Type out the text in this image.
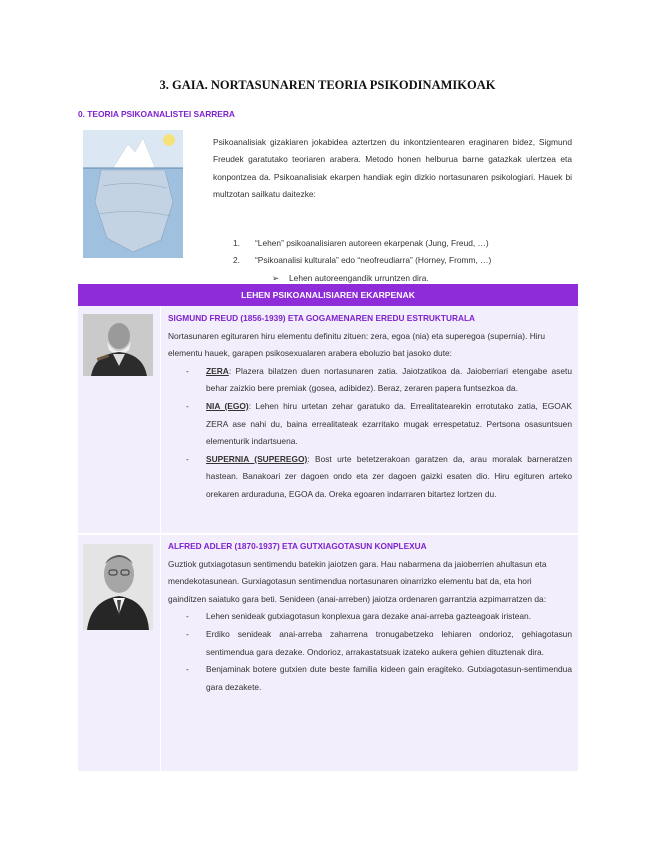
3. GAIA. NORTASUNAREN TEORIA PSIKODINAMIKOAK
0. TEORIA PSIKOANALISTEI SARRERA

Psikoanalisiak gizakiaren jokabidea aztertzen du inkontzientearen eraginaren bidez, Sigmund Freudek garatutako teoriaren arabera. Metodo honen helburua barne gatazkak ulertzea eta konpontzea da. Psikoanalisiak ekarpen handiak egin dizkio nortasunaren psikologiari. Hauek bi multzotan sailkatu daitezke:

1.	“Lehen” psikoanalisiaren autoreen ekarpenak (Jung, Freud, …)
2.	“Psikoanalisi kulturala” edo “neofreudiarra” (Horney, Fromm, …)
➢	Lehen autoreengandik urruntzen dira.
LEHEN PSIKOANALISIAREN EKARPENAK
SIGMUND FREUD (1856-1939) ETA GOGAMENAREN EREDU ESTRUKTURALA
Nortasunaren egituraren hiru elementu definitu zituen: zera, egoa (nia) eta superegoa (supernia). Hiru elementu hauek, garapen psikosexualaren arabera eboluzio bat jasoko dute:
-	ZERA: Plazera bilatzen duen nortasunaren zatia. Jaiotzatikoa da. Jaioberriari etengabe asetu behar zaizkio bere premiak (gosea, adibidez). Beraz, zeraren papera funtsezkoa da.
-	NIA (EGO): Lehen hiru urtetan zehar garatuko da. Errealitatearekin errotutako zatia, EGOAK ZERA ase nahi du, baina errealitateak ezarritako mugak errespetatuz. Pertsona osasuntsuen elementurik indartsuena.
-	SUPERNIA (SUPEREGO): Bost urte betetzerakoan garatzen da, arau moralak barneratzen hastean. Banakoari zer dagoen ondo eta zer dagoen gaizki esaten dio. Hiru egituren arteko orekaren arduraduna, EGOA da. Oreka egoaren indarraren bitartez lortzen du.
ALFRED ADLER (1870-1937) ETA GUTXIAGOTASUN KONPLEXUA
Guztiok gutxiagotasun sentimendu batekin jaiotzen gara. Hau nabarmena da jaioberrien ahultasun eta mendekotasunean. Gurxiagotasun sentimendua nortasunaren oinarrizko elementu bat da, eta hori gainditzen saiatuko gara beti. Senideen (anai-arreben) jaiotza ordenaren garrantzia azpimarratzen da:
-	Lehen senideak gutxiagotasun konplexua gara dezake anai-arreba gazteagoak iristean.
-	Erdiko senideak anai-arreba zaharrena tronugabetzeko lehiaren ondorioz, gehiagotasun sentimendua gara dezake. Ondorioz, arrakastatsuak izateko aukera gehien dituztenak dira.
-	Benjaminak botere gutxien dute beste familia kideen gain eragiteko. Gutxiagotasun-sentimendua gara dezakete.
